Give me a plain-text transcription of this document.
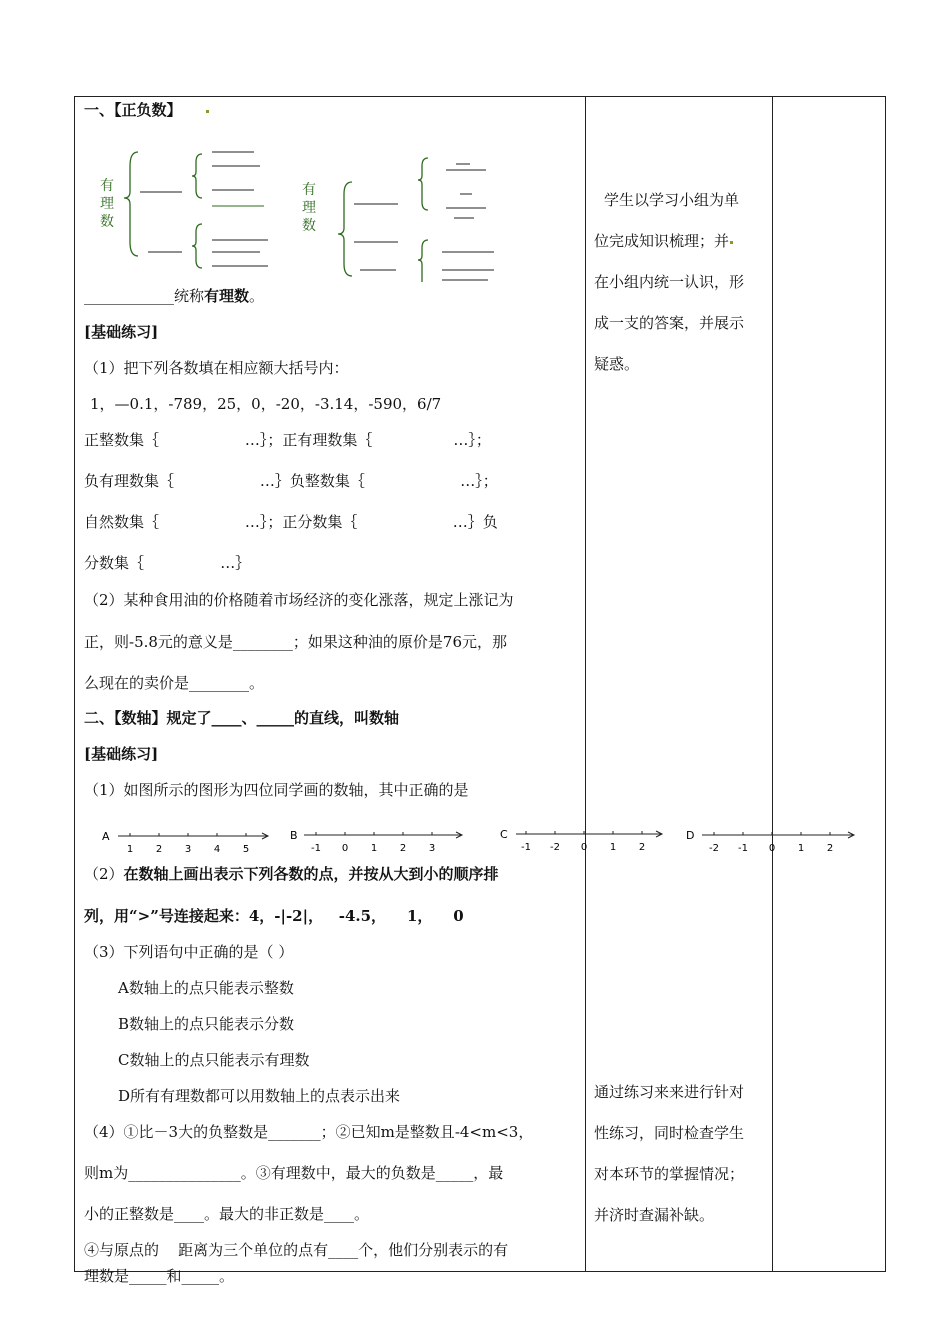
一、【正负数】
有
理
数
有
理
数
____________统称有理数。
[基础练习]
（1）把下列各数填在相应额大括号内：
1，—0.1，-789，25，0，-20，-3.14，-590，6/7
正整数集｛                  …｝；正有理数集｛                 …｝；
负有理数集｛                  …｝负整数集｛                    …｝；
自然数集｛                  …｝；正分数集｛                    …｝负
分数集｛                …｝
（2）某种食用油的价格随着市场经济的变化涨落，规定上涨记为
正，则-5.8元的意义是________；如果这种油的原价是76元，那
么现在的卖价是________。
二、【数轴】规定了____、_____的直线，叫数轴
[基础练习]
（1）如图所示的图形为四位同学画的数轴，其中正确的是
A
1 2 3 4 5
B
-1 0 1 2 3
C
-1 -2 0 1 2
D
-2 -1 0 1 2
（2）在数轴上画出表示下列各数的点，并按从大到小的顺序排
列，用“>”号连接起来：4，-|-2|，   -4.5，    1，    0
（3）下列语句中正确的是（ ）
A数轴上的点只能表示整数
B数轴上的点只能表示分数
C数轴上的点只能表示有理数
D所有有理数都可以用数轴上的点表示出来
（4）①比－3大的负整数是_______；②已知m是整数且-4<m<3，
则m为_______________。③有理数中，最大的负数是_____，最
小的正整数是____。最大的非正数是____。
④与原点的    距离为三个单位的点有____个，他们分别表示的有
理数是_____和_____。
学生以学习小组为单
位完成知识梳理；并
在小组内统一认识，形
成一支的答案，并展示
疑惑。
通过练习来来进行针对
性练习，同时检查学生
对本环节的掌握情况；
并济时查漏补缺。
